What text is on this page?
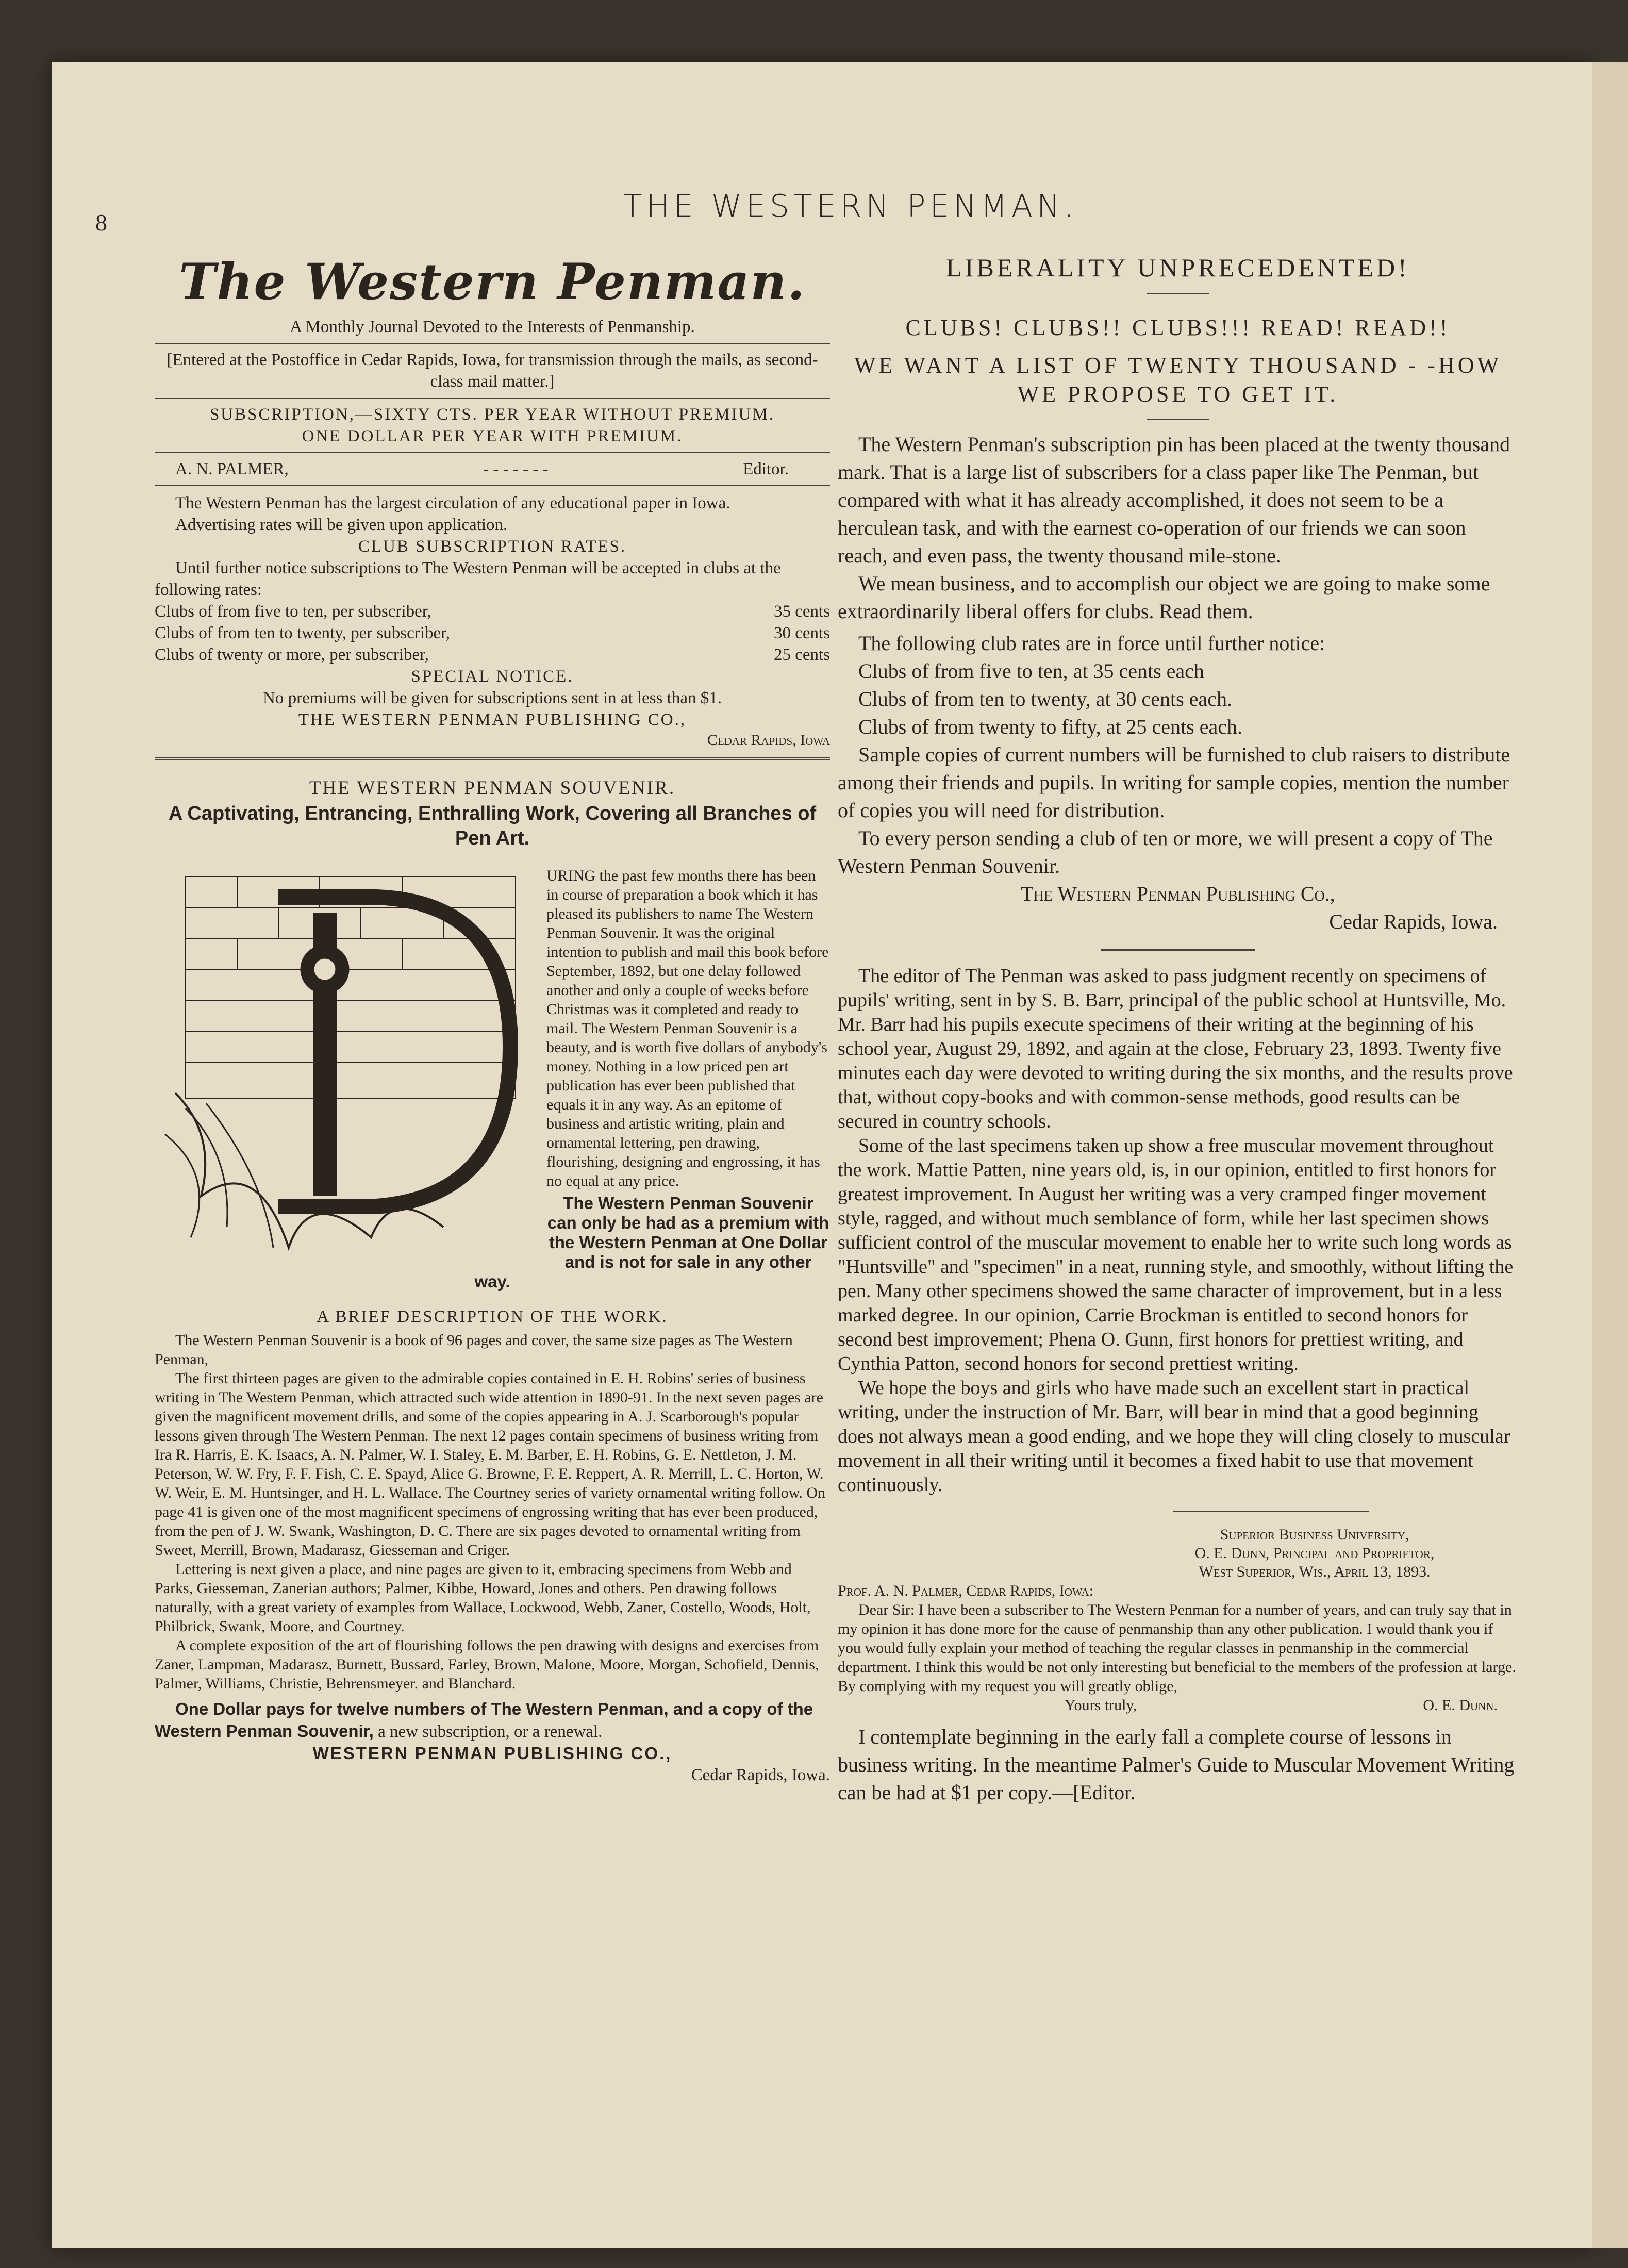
8	THE WESTERN PENMAN.
The Western Penman.
A Monthly Journal Devoted to the Interests of Penmanship.
[Entered at the Postoffice in Cedar Rapids, Iowa, for transmission through the mails, as second-class mail matter.]
SUBSCRIPTION,—SIXTY CTS. PER YEAR WITHOUT PREMIUM.
ONE DOLLAR PER YEAR WITH PREMIUM.
A. N. PALMER,	- - - - - - -	Editor.

The Western Penman has the largest circulation of any educational paper in Iowa.

Advertising rates will be given upon application.

CLUB SUBSCRIPTION RATES.

Until further notice subscriptions to The Western Penman will be accepted in clubs at the following rates:

Clubs of from five to ten, per subscriber,	35 cents
Clubs of from ten to twenty, per subscriber,	30 cents
Clubs of twenty or more, per subscriber,	25 cents
SPECIAL NOTICE.
No premiums will be given for subscriptions sent in at less than $1.
THE WESTERN PENMAN PUBLISHING CO.,
Cedar Rapids, Iowa
THE WESTERN PENMAN SOUVENIR.
A Captivating, Entrancing, Enthralling Work, Covering all Branches of Pen Art.

URING the past few months there has been in course of preparation a book which it has pleased its publishers to name The Western Penman Souvenir. It was the original intention to publish and mail this book before September, 1892, but one delay followed another and only a couple of weeks before Christmas was it completed and ready to mail. The Western Penman Souvenir is a beauty, and is worth five dollars of anybody's money. Nothing in a low priced pen art publication has ever been published that equals it in any way. As an epitome of business and artistic writing, plain and ornamental lettering, pen drawing, flourishing, designing and engrossing, it has no equal at any price.

The Western Penman Souvenir can only be had as a premium with the Western Penman at One Dollar and is not for sale in any other way.

A BRIEF DESCRIPTION OF THE WORK.

The Western Penman Souvenir is a book of 96 pages and cover, the same size pages as The Western Penman,

The first thirteen pages are given to the admirable copies contained in E. H. Robins' series of business writing in The Western Penman, which attracted such wide attention in 1890-91. In the next seven pages are given the magnificent movement drills, and some of the copies appearing in A. J. Scarborough's popular lessons given through The Western Penman. The next 12 pages contain specimens of business writing from Ira R. Harris, E. K. Isaacs, A. N. Palmer, W. I. Staley, E. M. Barber, E. H. Robins, G. E. Nettleton, J. M. Peterson, W. W. Fry, F. F. Fish, C. E. Spayd, Alice G. Browne, F. E. Reppert, A. R. Merrill, L. C. Horton, W. W. Weir, E. M. Huntsinger, and H. L. Wallace. The Courtney series of variety ornamental writing follow. On page 41 is given one of the most magnificent specimens of engrossing writing that has ever been produced, from the pen of J. W. Swank, Washington, D. C. There are six pages devoted to ornamental writing from Sweet, Merrill, Brown, Madarasz, Giesseman and Criger.

Lettering is next given a place, and nine pages are given to it, embracing specimens from Webb and Parks, Giesseman, Zanerian authors; Palmer, Kibbe, Howard, Jones and others. Pen drawing follows naturally, with a great variety of examples from Wallace, Lockwood, Webb, Zaner, Costello, Woods, Holt, Philbrick, Swank, Moore, and Courtney.

A complete exposition of the art of flourishing follows the pen drawing with designs and exercises from Zaner, Lampman, Madarasz, Burnett, Bussard, Farley, Brown, Malone, Moore, Morgan, Schofield, Dennis, Palmer, Williams, Christie, Behrensmeyer. and Blanchard.

One Dollar pays for twelve numbers of The Western Penman, and a copy of the Western Penman Souvenir, a new subscription, or a renewal.

WESTERN PENMAN PUBLISHING CO.,
Cedar Rapids, Iowa.
LIBERALITY UNPRECEDENTED!
CLUBS! CLUBS!! CLUBS!!! READ! READ!!
WE WANT A LIST OF TWENTY THOUSAND - -HOW WE PROPOSE TO GET IT.

The Western Penman's subscription pin has been placed at the twenty thousand mark. That is a large list of subscribers for a class paper like The Penman, but compared with what it has already accomplished, it does not seem to be a herculean task, and with the earnest co-operation of our friends we can soon reach, and even pass, the twenty thousand mile-stone.

We mean business, and to accomplish our object we are going to make some extraordinarily liberal offers for clubs. Read them.

The following club rates are in force until further notice:

Clubs of from five to ten, at 35 cents each

Clubs of from ten to twenty, at 30 cents each.

Clubs of from twenty to fifty, at 25 cents each.

Sample copies of current numbers will be furnished to club raisers to distribute among their friends and pupils. In writing for sample copies, mention the number of copies you will need for distribution.

To every person sending a club of ten or more, we will present a copy of The Western Penman Souvenir.

The Western Penman Publishing Co.,
Cedar Rapids, Iowa.

The editor of The Penman was asked to pass judgment recently on specimens of pupils' writing, sent in by S. B. Barr, principal of the public school at Huntsville, Mo. Mr. Barr had his pupils execute specimens of their writing at the beginning of his school year, August 29, 1892, and again at the close, February 23, 1893. Twenty five minutes each day were devoted to writing during the six months, and the results prove that, without copy-books and with common-sense methods, good results can be secured in country schools.

Some of the last specimens taken up show a free muscular movement throughout the work. Mattie Patten, nine years old, is, in our opinion, entitled to first honors for greatest improvement. In August her writing was a very cramped finger movement style, ragged, and without much semblance of form, while her last specimen shows sufficient control of the muscular movement to enable her to write such long words as "Huntsville" and "specimen" in a neat, running style, and smoothly, without lifting the pen. Many other specimens showed the same character of improvement, but in a less marked degree. In our opinion, Carrie Brockman is entitled to second honors for second best improvement; Phena O. Gunn, first honors for prettiest writing, and Cynthia Patton, second honors for second prettiest writing.

We hope the boys and girls who have made such an excellent start in practical writing, under the instruction of Mr. Barr, will bear in mind that a good beginning does not always mean a good ending, and we hope they will cling closely to muscular movement in all their writing until it becomes a fixed habit to use that movement continuously.

Superior Business University,
O. E. Dunn, Principal and Proprietor,
West Superior, Wis., April 13, 1893.
Prof. A. N. Palmer, Cedar Rapids, Iowa:

Dear Sir: I have been a subscriber to The Western Penman for a number of years, and can truly say that in my opinion it has done more for the cause of penmanship than any other publication. I would thank you if you would fully explain your method of teaching the regular classes in penmanship in the commercial department. I think this would be not only interesting but beneficial to the members of the profession at large. By complying with my request you will greatly oblige,

Yours truly,	O. E. Dunn.

I contemplate beginning in the early fall a complete course of lessons in business writing. In the meantime Palmer's Guide to Muscular Movement Writing can be had at $1 per copy.—[Editor.
